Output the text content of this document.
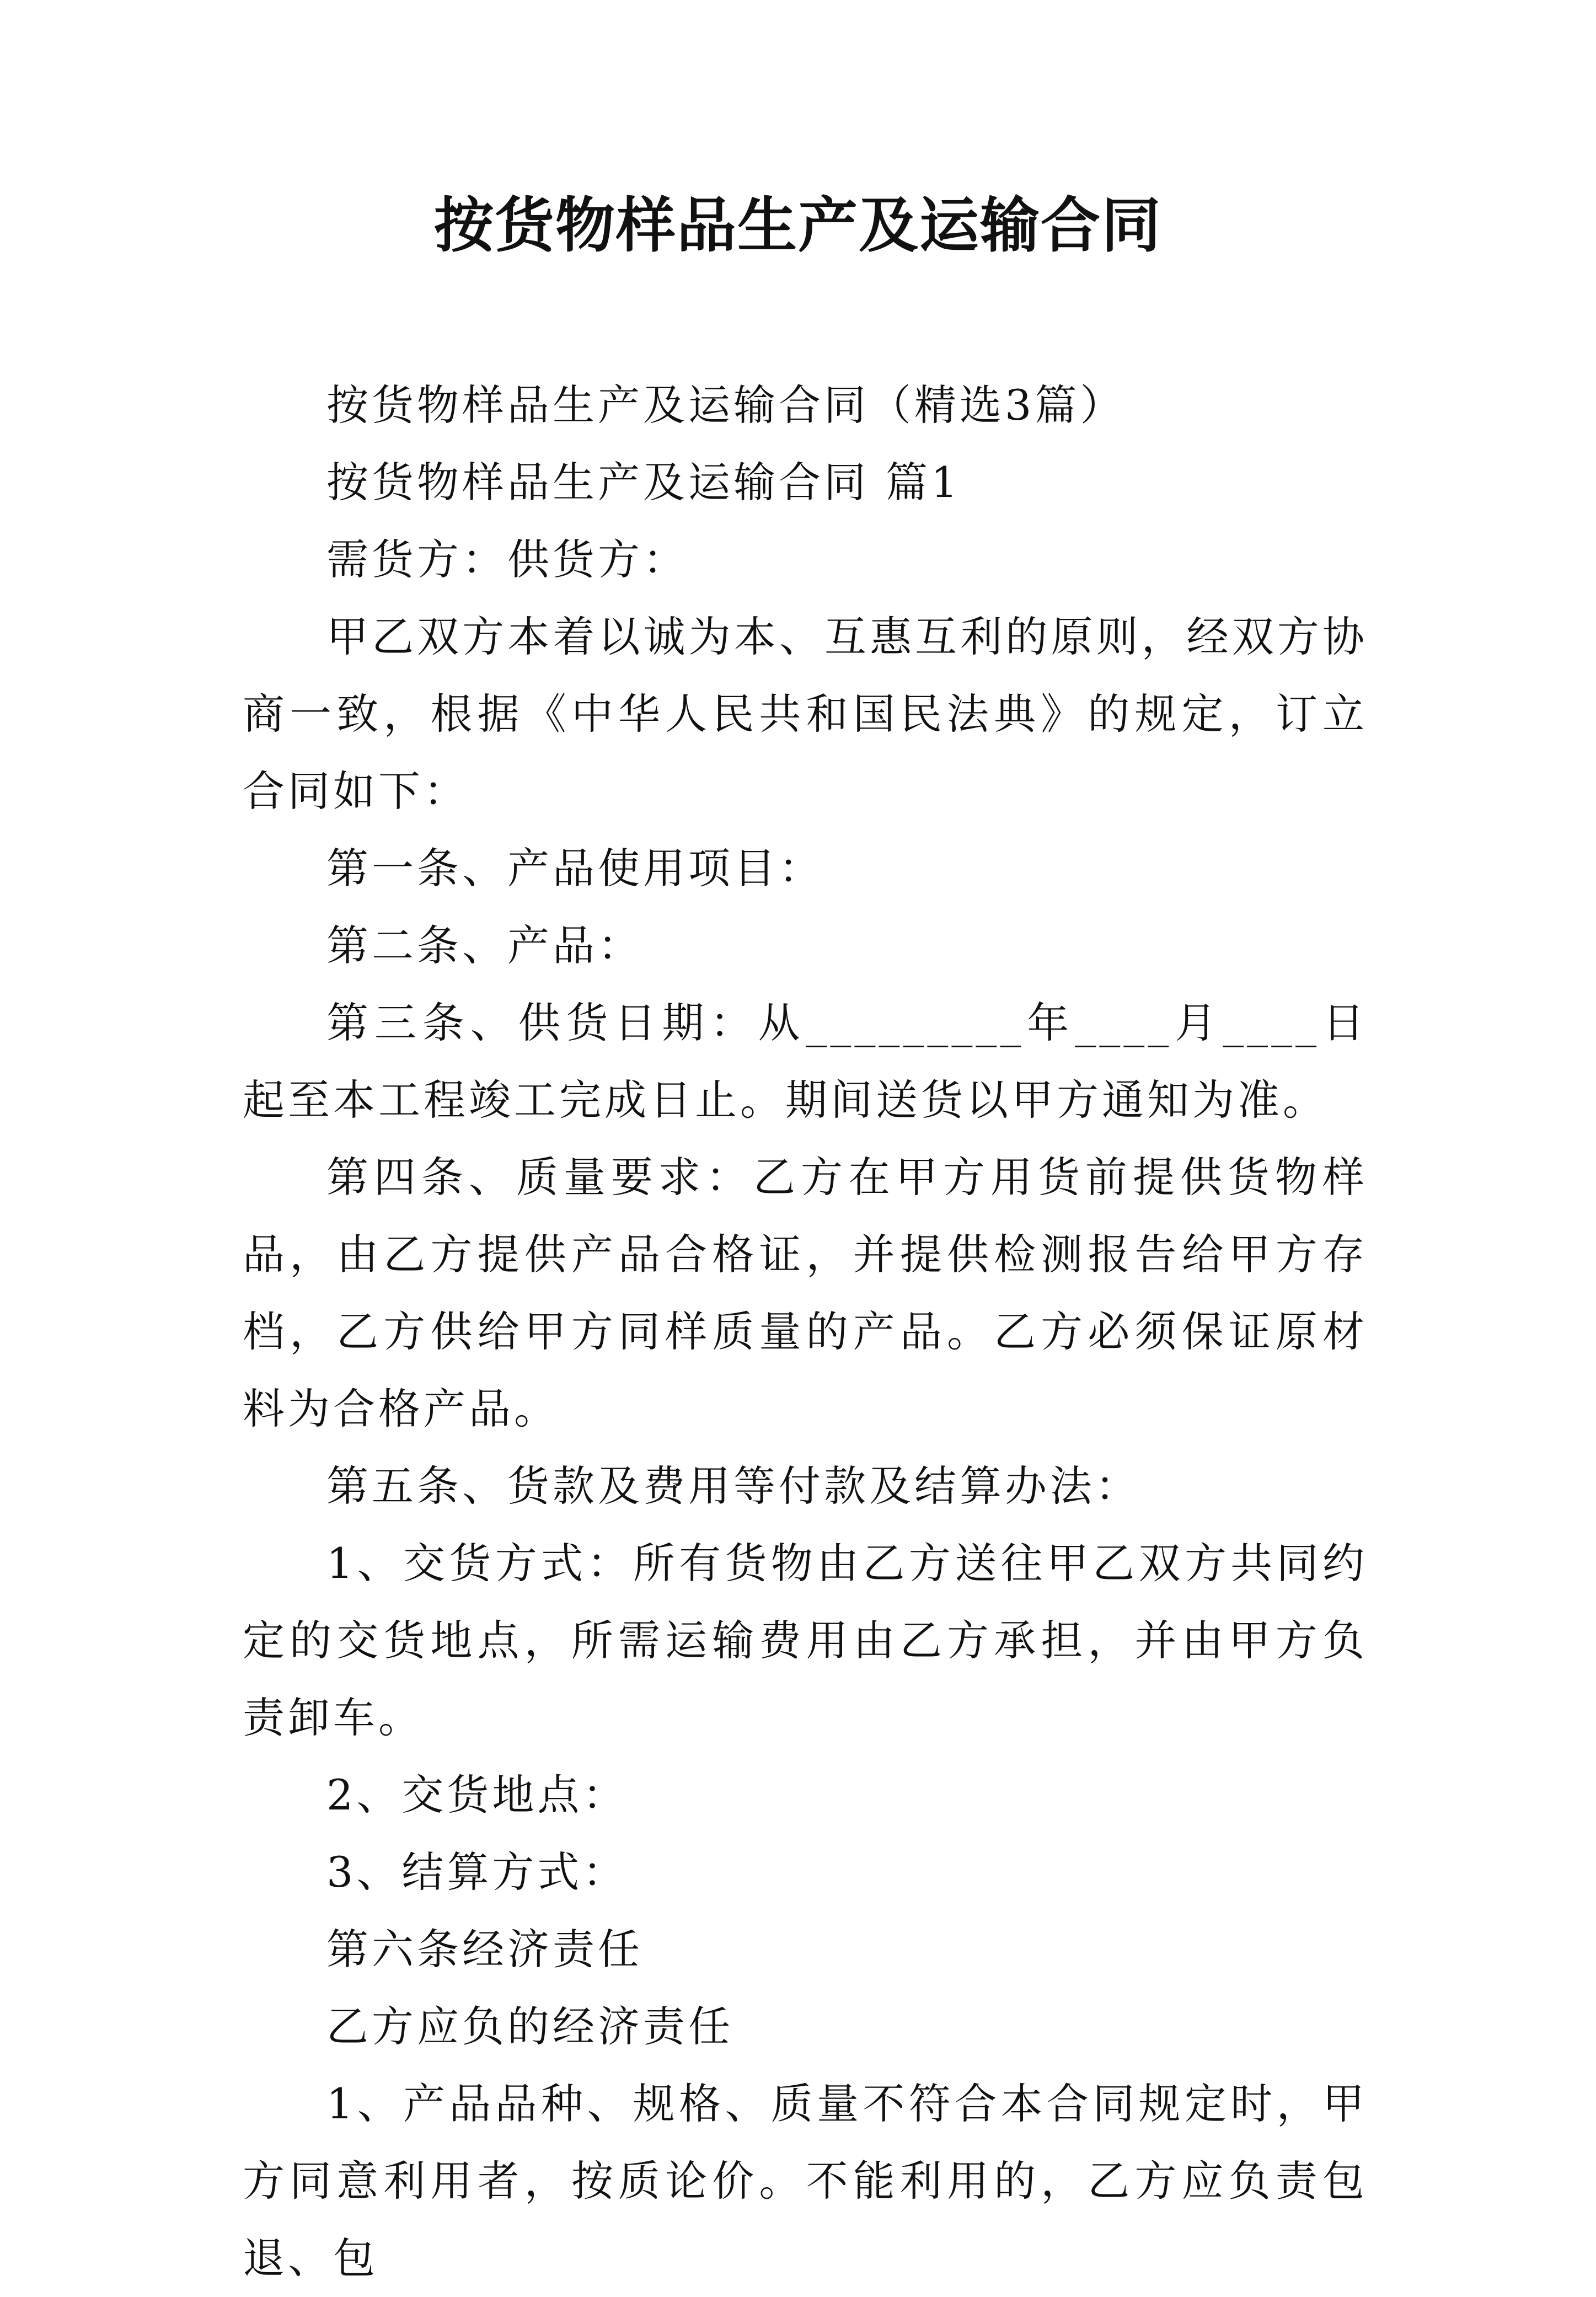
按货物样品生产及运输合同

按货物样品生产及运输合同（精选3篇）

按货物样品生产及运输合同 篇1

需货方：供货方：

甲乙双方本着以诚为本、互惠互利的原则，经双方协商一致，根据《中华人民共和国民法典》的规定，订立合同如下：

第一条、产品使用项目：

第二条、产品：

第三条、供货日期：从_________年____月____日起至本工程竣工完成日止。期间送货以甲方通知为准。

第四条、质量要求：乙方在甲方用货前提供货物样品，由乙方提供产品合格证，并提供检测报告给甲方存档，乙方供给甲方同样质量的产品。乙方必须保证原材料为合格产品。

第五条、货款及费用等付款及结算办法：

1、交货方式：所有货物由乙方送往甲乙双方共同约定的交货地点，所需运输费用由乙方承担，并由甲方负责卸车。

2、交货地点：

3、结算方式：

第六条经济责任

乙方应负的经济责任

1、产品品种、规格、质量不符合本合同规定时，甲方同意利用者，按质论价。不能利用的，乙方应负责包退、包
